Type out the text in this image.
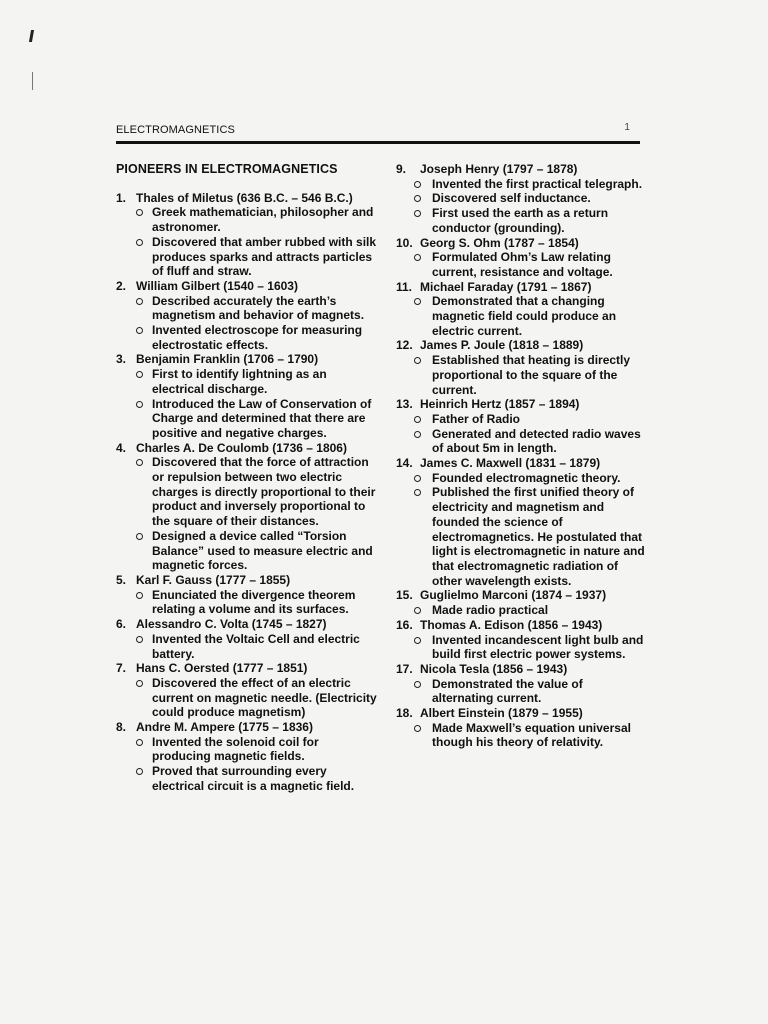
ELECTROMAGNETICS	1
PIONEERS IN ELECTROMAGNETICS
1. Thales of Miletus (636 B.C. – 546 B.C.)
Greek mathematician, philosopher and astronomer.
Discovered that amber rubbed with silk produces sparks and attracts particles of fluff and straw.
2. William Gilbert (1540 – 1603)
Described accurately the earth’s magnetism and behavior of magnets.
Invented electroscope for measuring electrostatic effects.
3. Benjamin Franklin (1706 – 1790)
First to identify lightning as an electrical discharge.
Introduced the Law of Conservation of Charge and determined that there are positive and negative charges.
4. Charles A. De Coulomb (1736 – 1806)
Discovered that the force of attraction or repulsion between two electric charges is directly proportional to their product and inversely proportional to the square of their distances.
Designed a device called “Torsion Balance” used to measure electric and magnetic forces.
5. Karl F. Gauss (1777 – 1855)
Enunciated the divergence theorem relating a volume and its surfaces.
6. Alessandro C. Volta (1745 – 1827)
Invented the Voltaic Cell and electric battery.
7. Hans C. Oersted (1777 – 1851)
Discovered the effect of an electric current on magnetic needle. (Electricity could produce magnetism)
8. Andre M. Ampere (1775 – 1836)
Invented the solenoid coil for producing magnetic fields.
Proved that surrounding every electrical circuit is a magnetic field.
9. Joseph Henry (1797 – 1878)
Invented the first practical telegraph.
Discovered self inductance.
First used the earth as a return conductor (grounding).
10. Georg S. Ohm (1787 – 1854)
Formulated Ohm’s Law relating current, resistance and voltage.
11. Michael Faraday (1791 – 1867)
Demonstrated that a changing magnetic field could produce an electric current.
12. James P. Joule (1818 – 1889)
Established that heating is directly proportional to the square of the current.
13. Heinrich Hertz (1857 – 1894)
Father of Radio
Generated and detected radio waves of about 5m in length.
14. James C. Maxwell (1831 – 1879)
Founded electromagnetic theory.
Published the first unified theory of electricity and magnetism and founded the science of electromagnetics. He postulated that light is electromagnetic in nature and that electromagnetic radiation of other wavelength exists.
15. Guglielmo Marconi (1874 – 1937)
Made radio practical
16. Thomas A. Edison (1856 – 1943)
Invented incandescent light bulb and build first electric power systems.
17. Nicola Tesla (1856 – 1943)
Demonstrated the value of alternating current.
18. Albert Einstein (1879 – 1955)
Made Maxwell’s equation universal though his theory of relativity.
